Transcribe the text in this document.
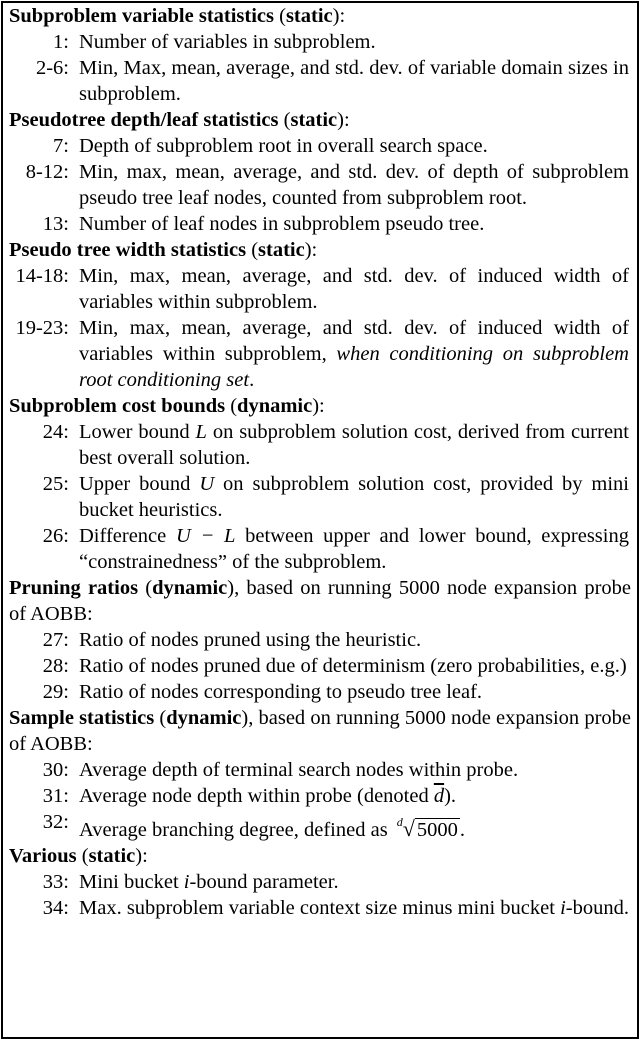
Subproblem variable statistics (static):
1: Number of variables in subproblem.
2-6: Min, Max, mean, average, and std. dev. of variable domain sizes in subproblem.
Pseudotree depth/leaf statistics (static):
7: Depth of subproblem root in overall search space.
8-12: Min, max, mean, average, and std. dev. of depth of subproblem pseudo tree leaf nodes, counted from subproblem root.
13: Number of leaf nodes in subproblem pseudo tree.
Pseudo tree width statistics (static):
14-18: Min, max, mean, average, and std. dev. of induced width of variables within subproblem.
19-23: Min, max, mean, average, and std. dev. of induced width of variables within subproblem, when conditioning on subproblem root conditioning set.
Subproblem cost bounds (dynamic):
24: Lower bound L on subproblem solution cost, derived from current best overall solution.
25: Upper bound U on subproblem solution cost, provided by mini bucket heuristics.
26: Difference U − L between upper and lower bound, expressing “constrainedness” of the subproblem.
Pruning ratios (dynamic), based on running 5000 node expansion probe of AOBB:
27: Ratio of nodes pruned using the heuristic.
28: Ratio of nodes pruned due of determinism (zero probabilities, e.g.)
29: Ratio of nodes corresponding to pseudo tree leaf.
Sample statistics (dynamic), based on running 5000 node expansion probe of AOBB:
30: Average depth of terminal search nodes within probe.
31: Average node depth within probe (denoted $\overline{d}$).
32: Average branching degree, defined as $^d$√5000.
Various (static):
33: Mini bucket i-bound parameter.
34: Max. subproblem variable context size minus mini bucket i-bound.
